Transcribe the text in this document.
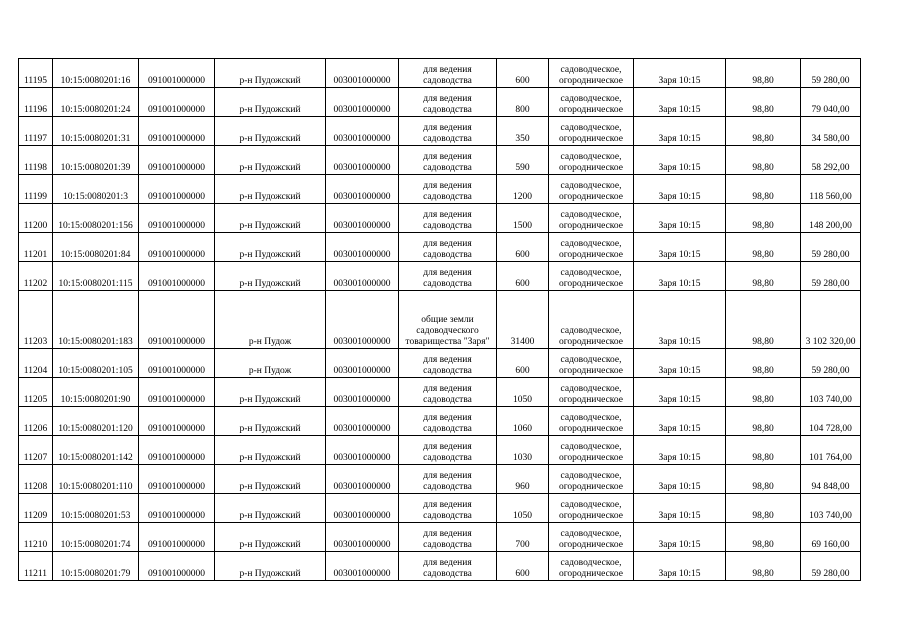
11195	10:15:0080201:16	091001000000	р-н Пудожский	003001000000	для ведения садоводства	600	садоводческое, огородническое	Заря 10:15	98,80	59 280,00
11196	10:15:0080201:24	091001000000	р-н Пудожский	003001000000	для ведения садоводства	800	садоводческое, огородническое	Заря 10:15	98,80	79 040,00
11197	10:15:0080201:31	091001000000	р-н Пудожский	003001000000	для ведения садоводства	350	садоводческое, огородническое	Заря 10:15	98,80	34 580,00
11198	10:15:0080201:39	091001000000	р-н Пудожский	003001000000	для ведения садоводства	590	садоводческое, огородническое	Заря 10:15	98,80	58 292,00
11199	10:15:0080201:3	091001000000	р-н Пудожский	003001000000	для ведения садоводства	1200	садоводческое, огородническое	Заря 10:15	98,80	118 560,00
11200	10:15:0080201:156	091001000000	р-н Пудожский	003001000000	для ведения садоводства	1500	садоводческое, огородническое	Заря 10:15	98,80	148 200,00
11201	10:15:0080201:84	091001000000	р-н Пудожский	003001000000	для ведения садоводства	600	садоводческое, огородническое	Заря 10:15	98,80	59 280,00
11202	10:15:0080201:115	091001000000	р-н Пудожский	003001000000	для ведения садоводства	600	садоводческое, огородническое	Заря 10:15	98,80	59 280,00
11203	10:15:0080201:183	091001000000	р-н Пудож	003001000000	общие земли садоводческого товарищества "Заря"	31400	садоводческое, огородническое	Заря 10:15	98,80	3 102 320,00
11204	10:15:0080201:105	091001000000	р-н Пудож	003001000000	для ведения садоводства	600	садоводческое, огородническое	Заря 10:15	98,80	59 280,00
11205	10:15:0080201:90	091001000000	р-н Пудожский	003001000000	для ведения садоводства	1050	садоводческое, огородническое	Заря 10:15	98,80	103 740,00
11206	10:15:0080201:120	091001000000	р-н Пудожский	003001000000	для ведения садоводства	1060	садоводческое, огородническое	Заря 10:15	98,80	104 728,00
11207	10:15:0080201:142	091001000000	р-н Пудожский	003001000000	для ведения садоводства	1030	садоводческое, огородническое	Заря 10:15	98,80	101 764,00
11208	10:15:0080201:110	091001000000	р-н Пудожский	003001000000	для ведения садоводства	960	садоводческое, огородническое	Заря 10:15	98,80	94 848,00
11209	10:15:0080201:53	091001000000	р-н Пудожский	003001000000	для ведения садоводства	1050	садоводческое, огородническое	Заря 10:15	98,80	103 740,00
11210	10:15:0080201:74	091001000000	р-н Пудожский	003001000000	для ведения садоводства	700	садоводческое, огородническое	Заря 10:15	98,80	69 160,00
11211	10:15:0080201:79	091001000000	р-н Пудожский	003001000000	для ведения садоводства	600	садоводческое, огородническое	Заря 10:15	98,80	59 280,00
